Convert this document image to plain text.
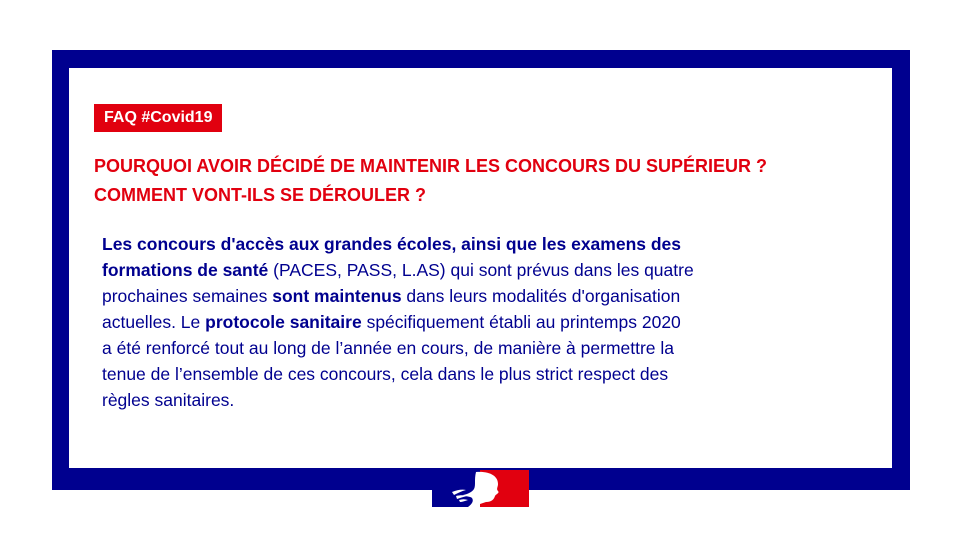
FAQ #Covid19
POURQUOI AVOIR DÉCIDÉ DE MAINTENIR LES CONCOURS DU SUPÉRIEUR ?
COMMENT VONT-ILS SE DÉROULER ?
Les concours d'accès aux grandes écoles, ainsi que les examens des
formations de santé (PACES, PASS, L.AS) qui sont prévus dans les quatre
prochaines semaines sont maintenus dans leurs modalités d'organisation
actuelles. Le protocole sanitaire spécifiquement établi au printemps 2020
a été renforcé tout au long de l’année en cours, de manière à permettre la
tenue de l’ensemble de ces concours, cela dans le plus strict respect des
règles sanitaires.
